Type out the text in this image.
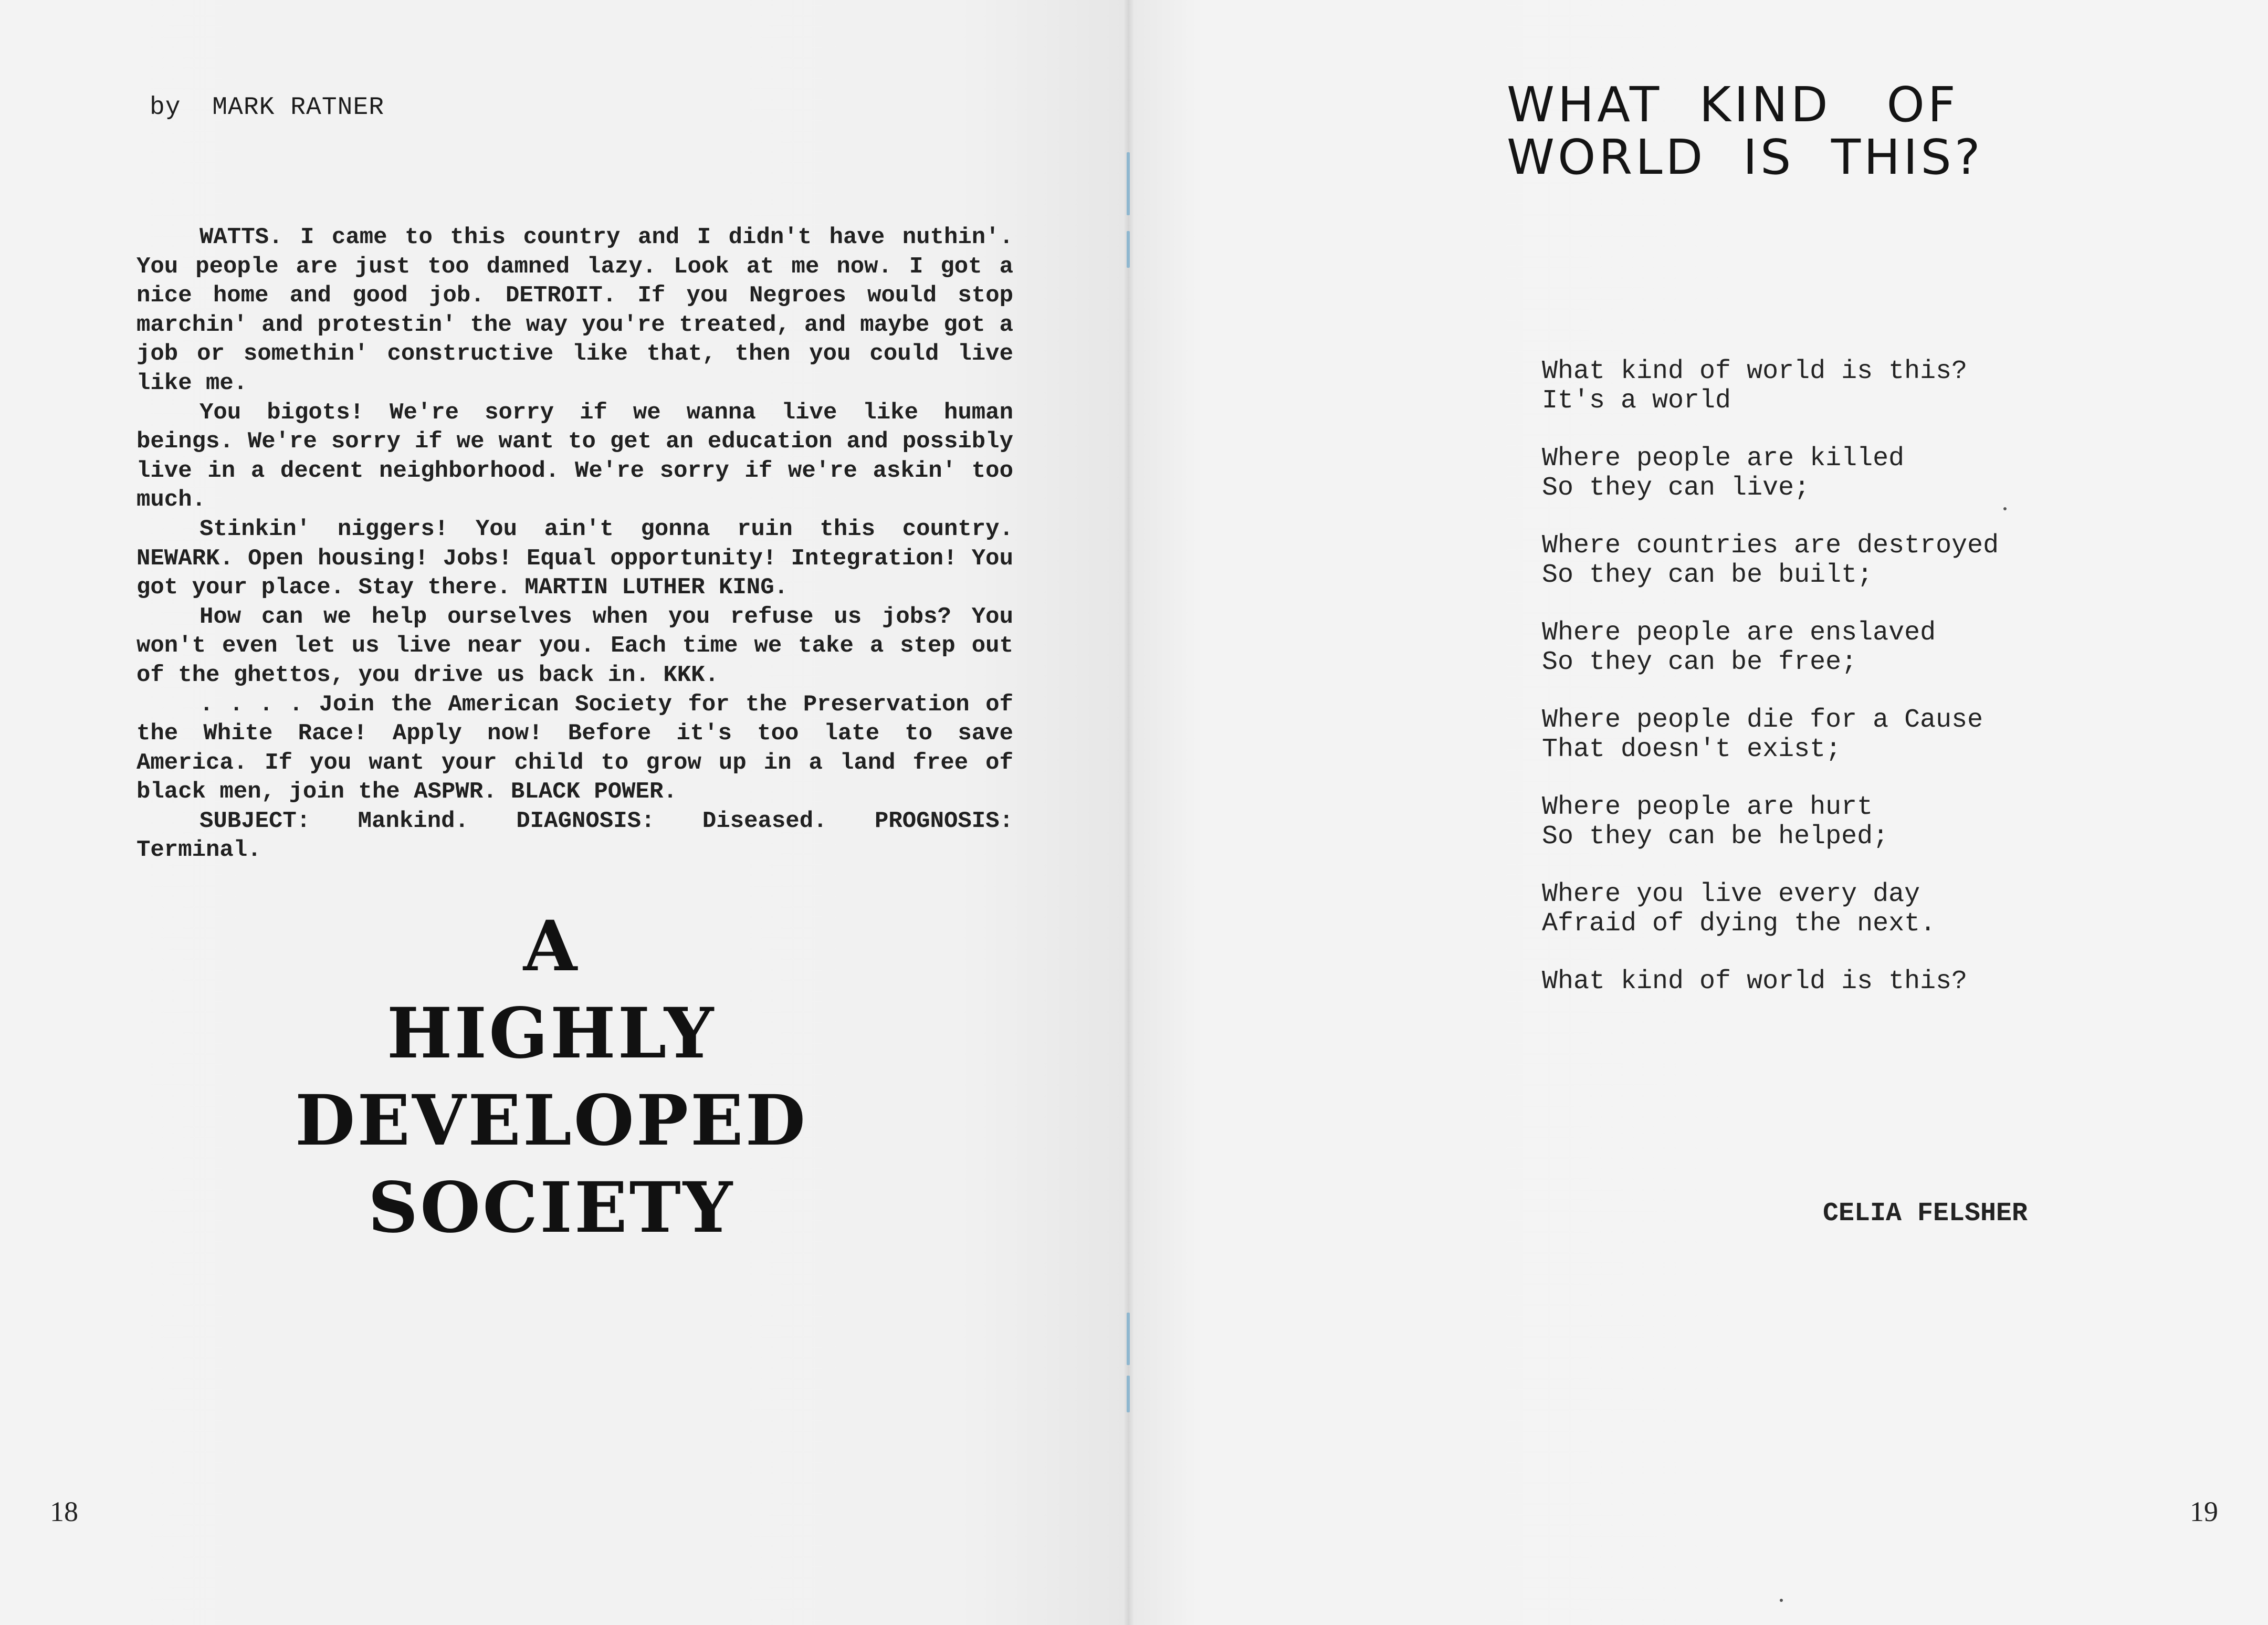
by  MARK RATNER

WATTS. I came to this country and I didn't have nuthin'. You people are just too damned lazy. Look at me now. I got a nice home and good job. DETROIT. If you Negroes would stop marchin' and protestin' the way you're treated, and maybe got a job or somethin' constructive like that, then you could live like me.

You bigots! We're sorry if we wanna live like human beings. We're sorry if we want to get an education and possibly live in a decent neighborhood. We're sorry if we're askin' too much.

Stinkin' niggers! You ain't gonna ruin this country. NEWARK. Open housing! Jobs! Equal opportunity! Integration! You got your place. Stay there. MARTIN LUTHER KING.

How can we help ourselves when you refuse us jobs? You won't even let us live near you. Each time we take a step out of the ghettos, you drive us back in. KKK.

. . . . Join the American Society for the Preservation of the White Race! Apply now! Before it's too late to save America. If you want your child to grow up in a land free of black men, join the ASPWR. BLACK POWER.

SUBJECT: Mankind. DIAGNOSIS: Diseased. PROGNOSIS: Terminal.

A
HIGHLY
DEVELOPED
SOCIETY
18
WHAT  KIND   OF
WORLD  IS  THIS?
What kind of world is this?
It's a world
Where people are killed
So they can live;
Where countries are destroyed
So they can be built;
Where people are enslaved
So they can be free;
Where people die for a Cause
That doesn't exist;
Where people are hurt
So they can be helped;
Where you live every day
Afraid of dying the next.
What kind of world is this?
CELIA FELSHER
19
